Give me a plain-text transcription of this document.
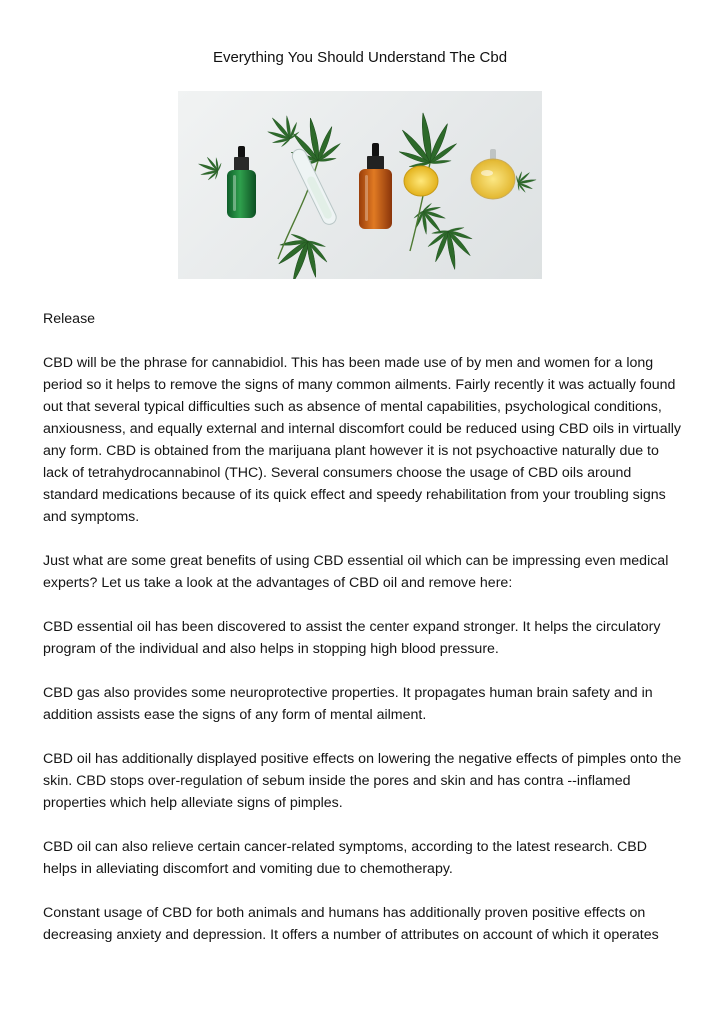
Everything You Should Understand The Cbd

Release

CBD will be the phrase for cannabidiol. This has been made use of by men and women for a long period so it helps to remove the signs of many common ailments. Fairly recently it was actually found out that several typical difficulties such as absence of mental capabilities, psychological conditions, anxiousness, and equally external and internal discomfort could be reduced using CBD oils in virtually any form. CBD is obtained from the marijuana plant however it is not psychoactive naturally due to lack of tetrahydrocannabinol (THC). Several consumers choose the usage of CBD oils around standard medications because of its quick effect and speedy rehabilitation from your troubling signs and symptoms.

Just what are some great benefits of using CBD essential oil which can be impressing even medical experts? Let us take a look at the advantages of CBD oil and remove here:

CBD essential oil has been discovered to assist the center expand stronger. It helps the circulatory program of the individual and also helps in stopping high blood pressure.

CBD gas also provides some neuroprotective properties. It propagates human brain safety and in addition assists ease the signs of any form of mental ailment.

CBD oil has additionally displayed positive effects on lowering the negative effects of pimples onto the skin. CBD stops over-regulation of sebum inside the pores and skin and has contra --inflamed properties which help alleviate signs of pimples.

CBD oil can also relieve certain cancer-related symptoms, according to the latest research. CBD helps in alleviating discomfort and vomiting due to chemotherapy.

Constant usage of CBD for both animals and humans has additionally proven positive effects on decreasing anxiety and depression. It offers a number of attributes on account of which it operates
